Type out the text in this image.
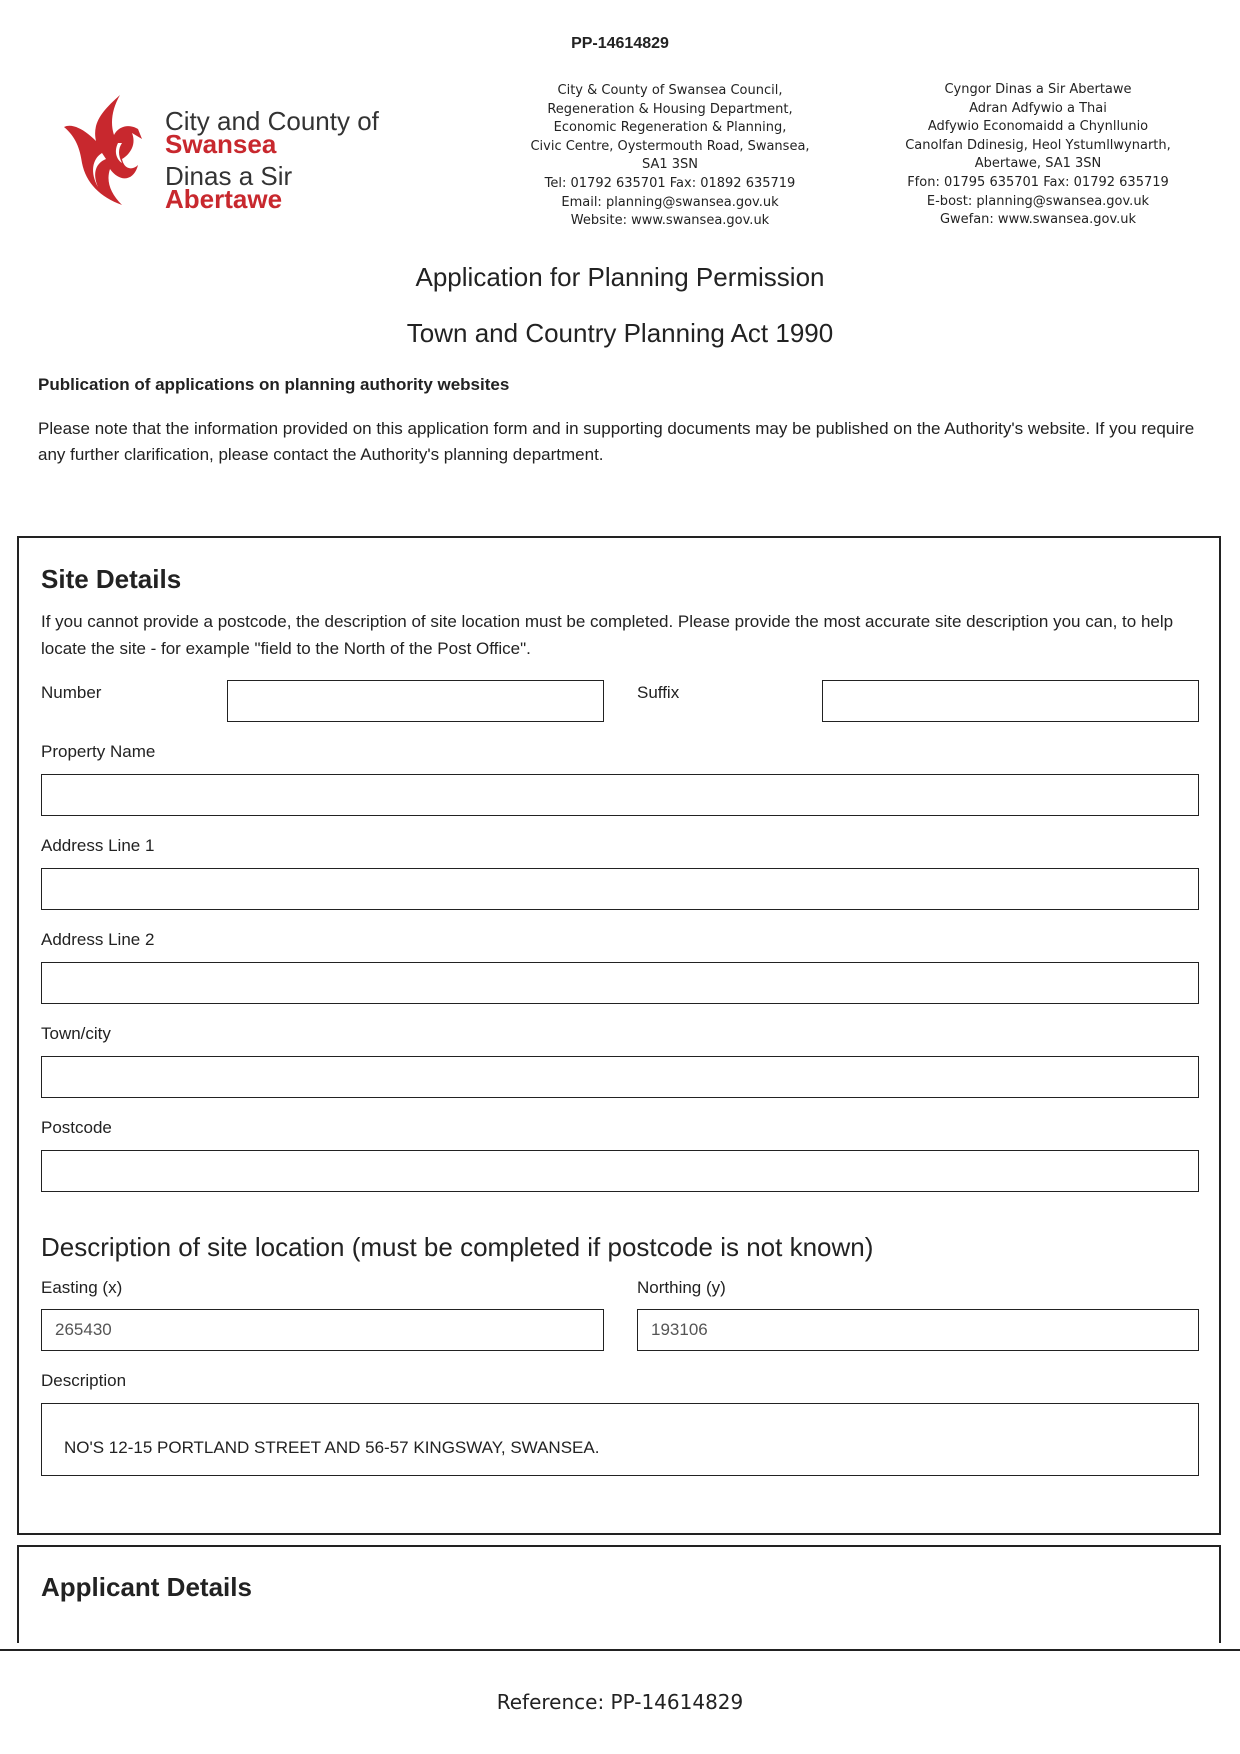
PP-14614829
City and County of
Swansea
Dinas a Sir
Abertawe
City & County of Swansea Council,
Regeneration & Housing Department,
Economic Regeneration & Planning,
Civic Centre, Oystermouth Road, Swansea,
SA1 3SN
Tel: 01792 635701 Fax: 01892 635719
Email: planning@swansea.gov.uk
Website: www.swansea.gov.uk
Cyngor Dinas a Sir Abertawe
Adran Adfywio a Thai
Adfywio Economaidd a Chynllunio
Canolfan Ddinesig, Heol Ystumllwynarth,
Abertawe, SA1 3SN
Ffon: 01795 635701 Fax: 01792 635719
E-bost: planning@swansea.gov.uk
Gwefan: www.swansea.gov.uk
Application for Planning Permission
Town and Country Planning Act 1990
Publication of applications on planning authority websites
Please note that the information provided on this application form and in supporting documents may be published on the Authority's website. If you require any further clarification, please contact the Authority's planning department.
Site Details
If you cannot provide a postcode, the description of site location must be completed. Please provide the most accurate site description you can, to help locate the site - for example "field to the North of the Post Office".
Number	Suffix
Property Name
Address Line 1
Address Line 2
Town/city
Postcode
Description of site location (must be completed if postcode is not known)
Easting (x)
265430
Northing (y)
193106
Description
NO'S 12-15 PORTLAND STREET AND 56-57 KINGSWAY, SWANSEA.
Applicant Details
Reference: PP-14614829
